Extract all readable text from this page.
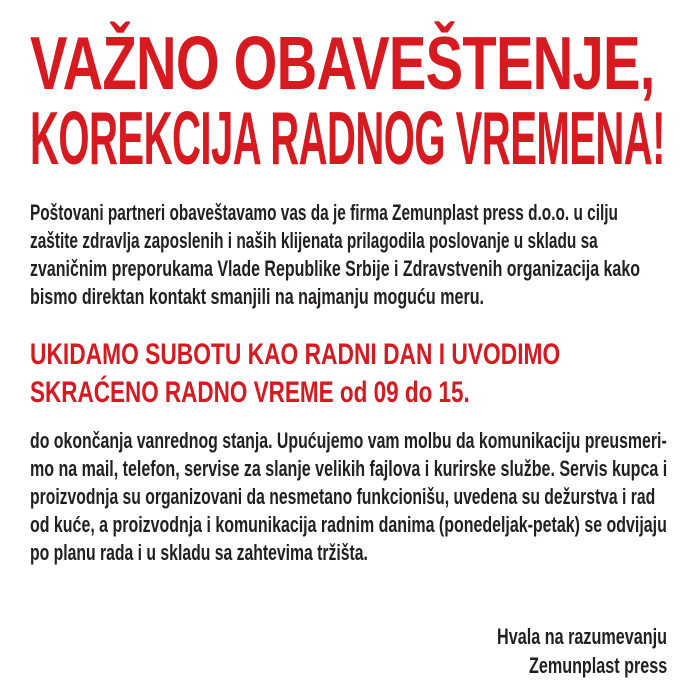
VAŽNO OBAVEŠTENJE,
KOREKCIJA RADNOG VREMENA!
Poštovani partneri obaveštavamo vas da je firma Zemunplast press d.o.o. u cilju
zaštite zdravlja zaposlenih i naših klijenata prilagodila poslovanje u skladu sa
zvaničnim preporukama Vlade Republike Srbije i Zdravstvenih organizacija kako
bismo direktan kontakt smanjili na najmanju moguću meru.
UKIDAMO SUBOTU KAO RADNI DAN I UVODIMO
SKRAĆENO RADNO VREME od 09 do 15.
do okončanja vanrednog stanja. Upućujemo vam molbu da komunikaciju preusmeri-
mo na mail, telefon, servise za slanje velikih fajlova i kurirske službe. Servis kupca i
proizvodnja su organizovani da nesmetano funkcionišu, uvedena su dežurstva i rad
od kuće, a proizvodnja i komunikacija radnim danima (ponedeljak-petak) se odvijaju
po planu rada i u skladu sa zahtevima tržišta.
Hvala na razumevanju
Zemunplast press
